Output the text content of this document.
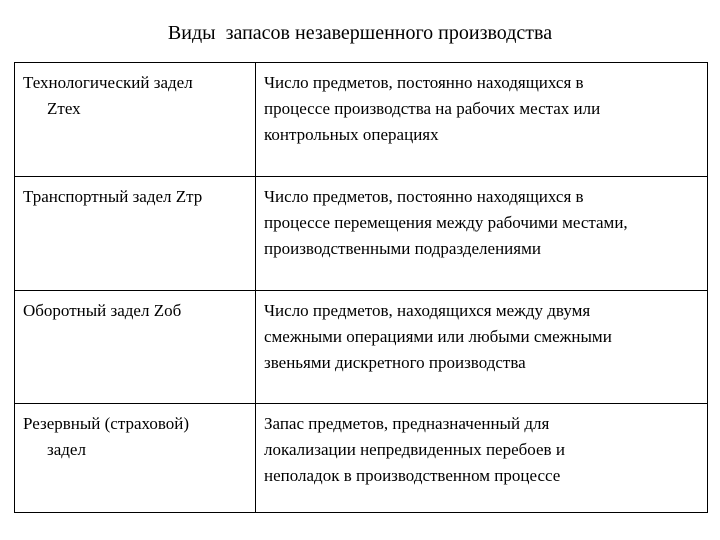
Виды  запасов незавершенного производства
Технологический задел
Zтех	Число предметов, постоянно находящихся в
процессе производства на рабочих местах или
контрольных операциях

Транспортный задел Zтр	Число предметов, постоянно находящихся в
процессе перемещения между рабочими местами,
производственными подразделениями

Оборотный задел Zоб	Число предметов, находящихся между двумя
смежными операциями или любыми смежными
звеньями дискретного производства

Резервный (страховой)
задел	Запас предметов, предназначенный для
локализации непредвиденных перебоев и
неполадок в производственном процессе
